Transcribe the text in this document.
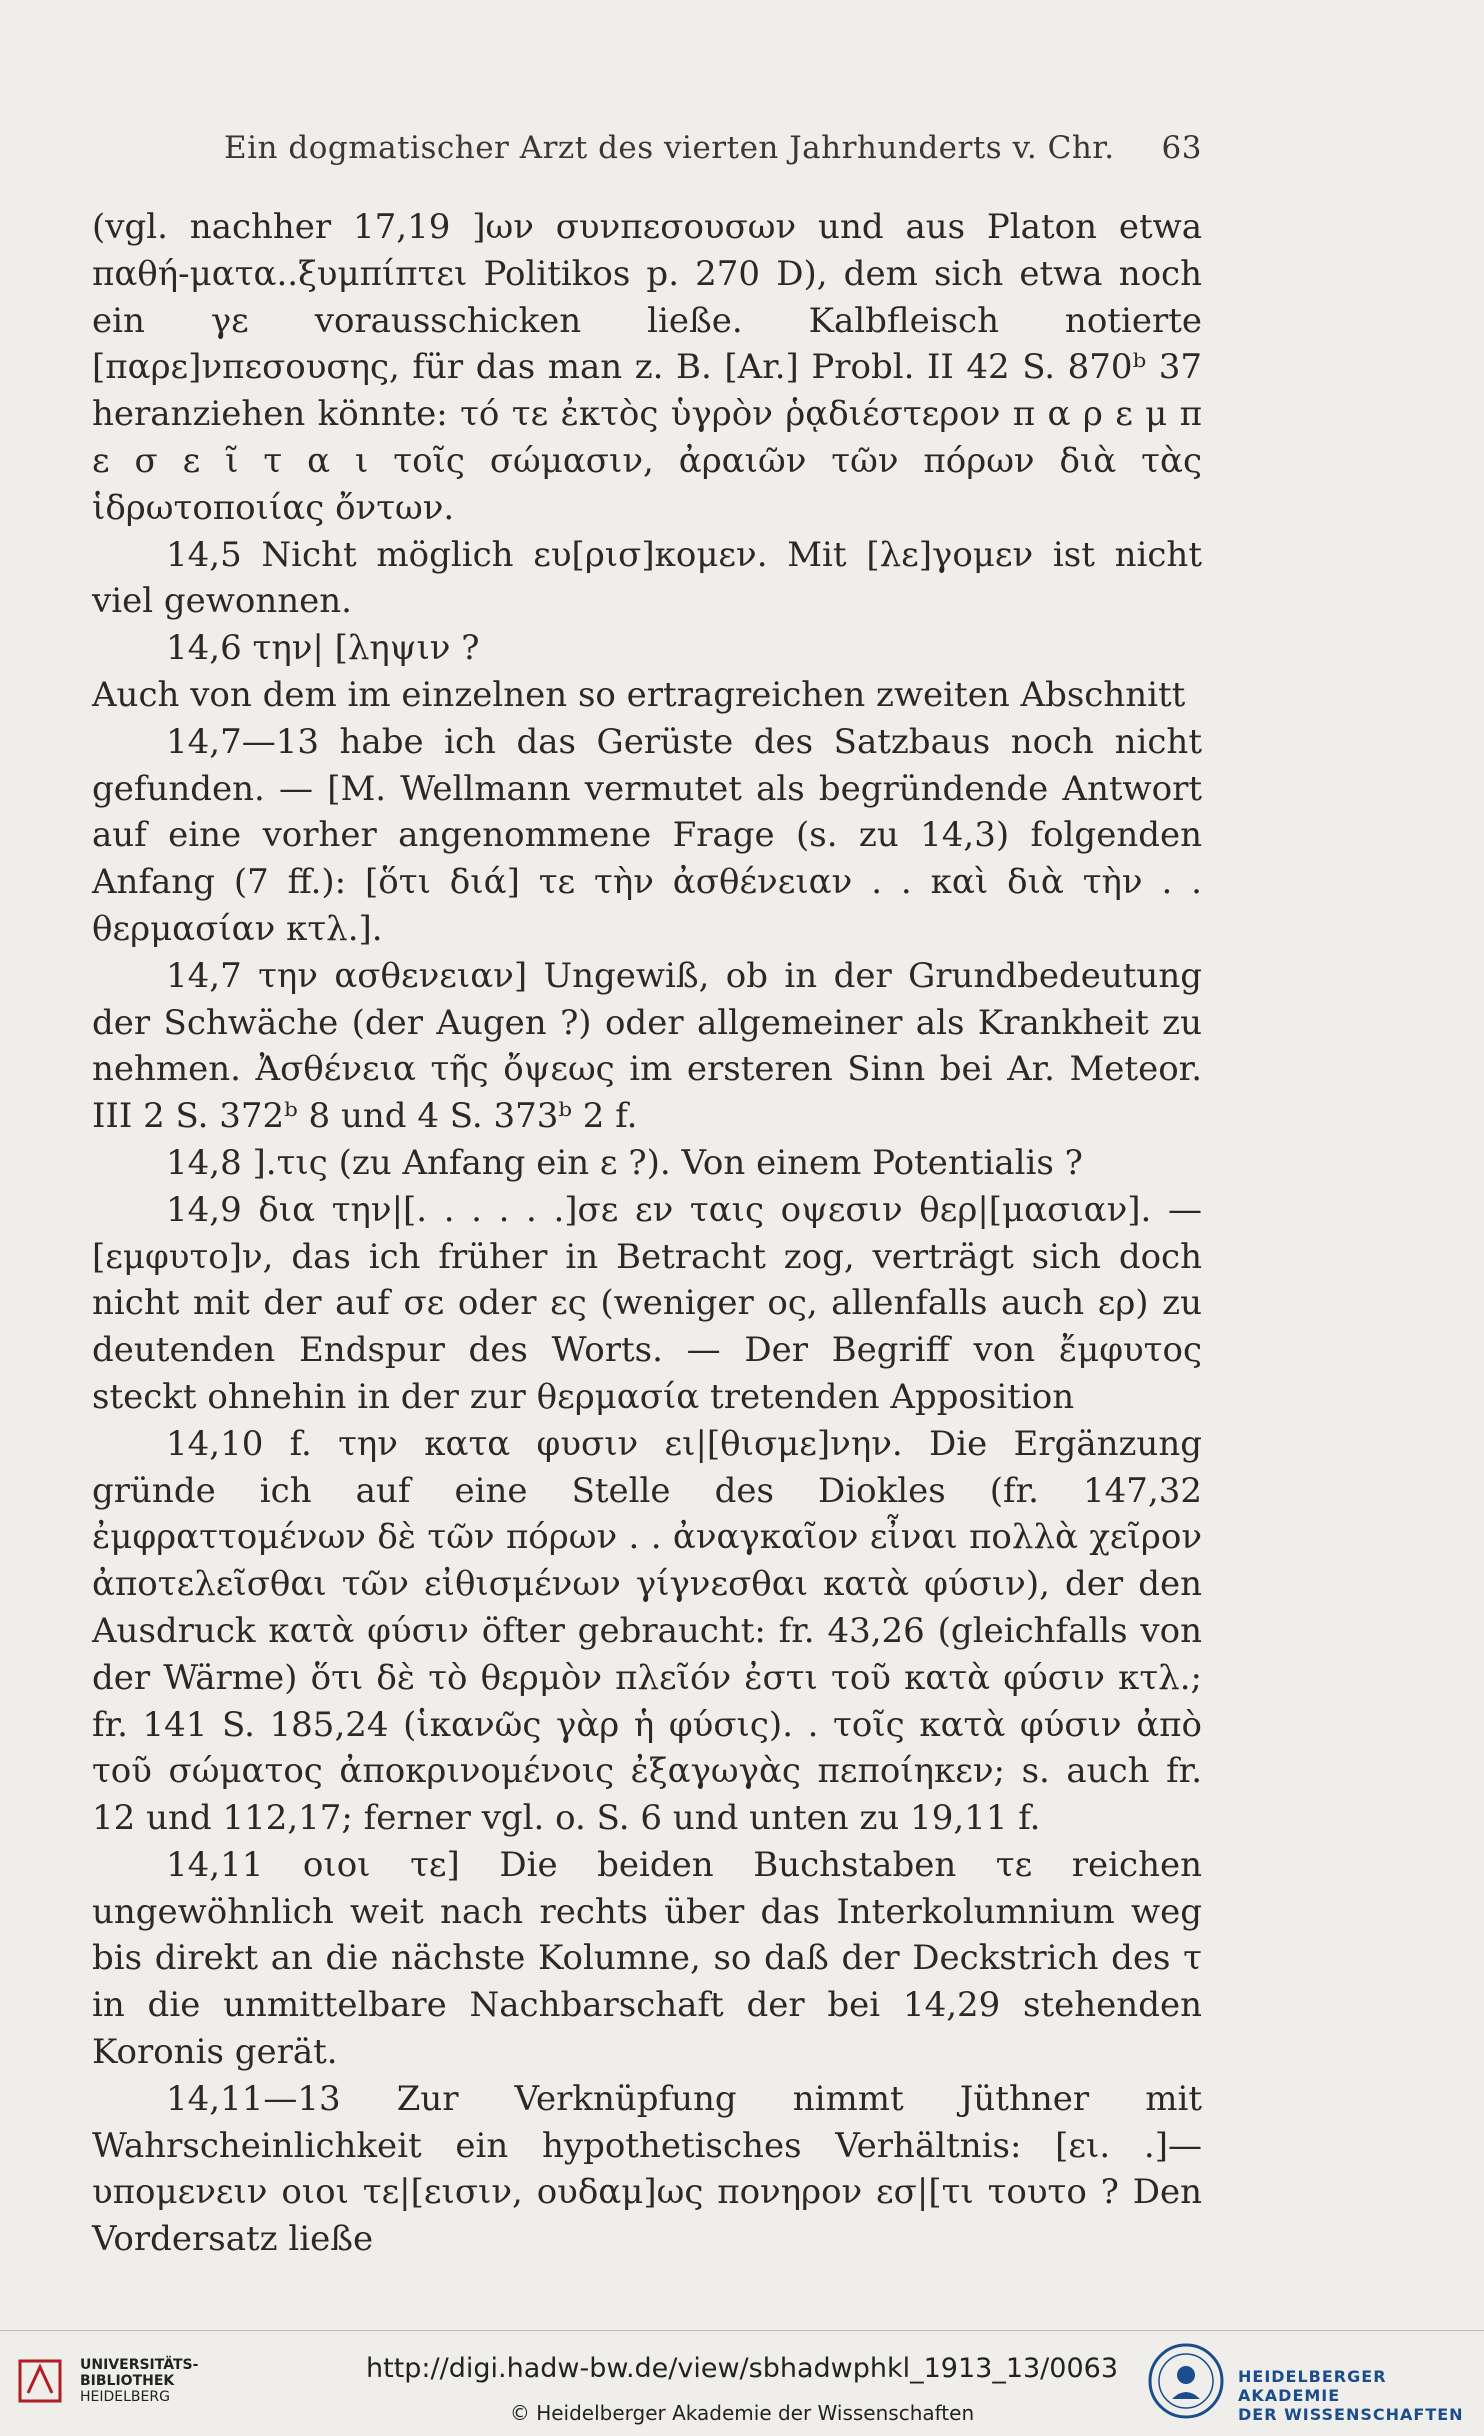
Ein dogmatischer Arzt des vierten Jahrhunderts v. Chr. 63

(vgl. nachher 17,19 ]ων συνπεσουσων und aus Platon etwa παθή-ματα..ξυμπίπτει Politikos p. 270 D), dem sich etwa noch ein γε vorausschicken ließe. Kalbfleisch notierte [παρε]νπεσουσης, für das man z. B. [Ar.] Probl. II 42 S. 870ᵇ 37 heranziehen könnte: τό τε ἐκτὸς ὑγρὸν ῥᾳδιέστερον π α ρ ε μ π ε σ ε ῖ τ α ι τοῖς σώμασιν, ἀραιῶν τῶν πόρων διὰ τὰς ἱδρωτοποιίας ὄντων.

14,5 Nicht möglich ευ[ρισ]κομεν. Mit [λε]γομεν ist nicht viel gewonnen.

14,6 την| [ληψιν ?

Auch von dem im einzelnen so ertragreichen zweiten Abschnitt

14,7—13 habe ich das Gerüste des Satzbaus noch nicht gefunden. — [M. Wellmann vermutet als begründende Antwort auf eine vorher angenommene Frage (s. zu 14,3) folgenden Anfang (7 ff.): [ὅτι διά] τε τὴν ἀσθένειαν . . καὶ διὰ τὴν . . θερμασίαν κτλ.].

14,7 την ασθενειαν] Ungewiß, ob in der Grundbedeutung der Schwäche (der Augen ?) oder allgemeiner als Krankheit zu nehmen. Ἀσθένεια τῆς ὄψεως im ersteren Sinn bei Ar. Meteor. III 2 S. 372ᵇ 8 und 4 S. 373ᵇ 2 f.

14,8 ].τις (zu Anfang ein ε ?). Von einem Potentialis ?

14,9 δια την|[. . . . . .]σε εν ταις οψεσιν θερ|[μασιαν]. — [εμφυτο]ν, das ich früher in Betracht zog, verträgt sich doch nicht mit der auf σε oder ες (weniger ος, allenfalls auch ερ) zu deutenden Endspur des Worts. — Der Begriff von ἔμφυτος steckt ohnehin in der zur θερμασία tretenden Apposition

14,10 f. την κατα φυσιν ει|[θισμε]νην. Die Ergänzung gründe ich auf eine Stelle des Diokles (fr. 147,32 ἐμφραττομένων δὲ τῶν πόρων . . ἀναγκαῖον εἶναι πολλὰ χεῖρον ἀποτελεῖσθαι τῶν εἰθισμένων γίγνεσθαι κατὰ φύσιν), der den Ausdruck κατὰ φύσιν öfter gebraucht: fr. 43,26 (gleichfalls von der Wärme) ὅτι δὲ τὸ θερμὸν πλεῖόν ἐστι τοῦ κατὰ φύσιν κτλ.; fr. 141 S. 185,24 (ἱκανῶς γὰρ ἡ φύσις). . τοῖς κατὰ φύσιν ἀπὸ τοῦ σώματος ἀποκρινομένοις ἐξαγωγὰς πεποίηκεν; s. auch fr. 12 und 112,17; ferner vgl. o. S. 6 und unten zu 19,11 f.

14,11 οιοι τε] Die beiden Buchstaben τε reichen ungewöhnlich weit nach rechts über das Interkolumnium weg bis direkt an die nächste Kolumne, so daß der Deckstrich des τ in die unmittelbare Nachbarschaft der bei 14,29 stehenden Koronis gerät.

14,11—13 Zur Verknüpfung nimmt Jüthner mit Wahrscheinlichkeit ein hypothetisches Verhältnis: [ει. .]—υπομενειν οιοι τε|[εισιν, ουδαμ]ως πονηρον εσ|[τι τουτο ? Den Vordersatz ließe

UNIVERSITÄTS-
BIBLIOTHEK
HEIDELBERG
http://digi.hadw-bw.de/view/sbhadwphkl_1913_13/0063
© Heidelberger Akademie der Wissenschaften
HEIDELBERGER AKADEMIE
DER WISSENSCHAFTEN
